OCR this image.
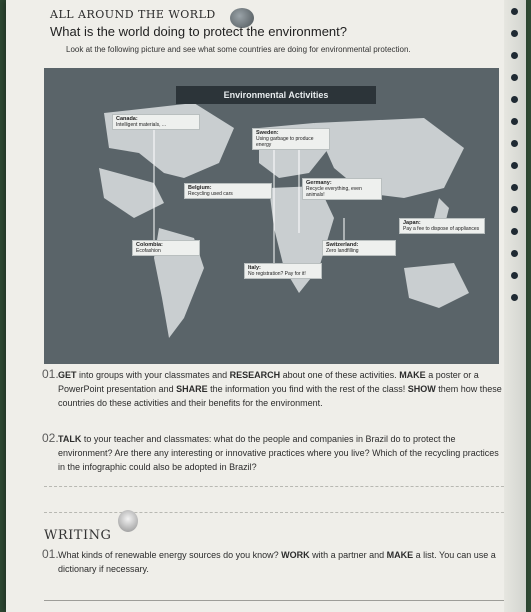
ALL AROUND THE WORLD
What is the world doing to protect the environment?
Look at the following picture and see what some countries are doing for environmental protection.
Environmental Activities
Canada:
Intelligent materials, ...
Sweden:
Using garbage to produce energy
Belgium:
Recycling used cars
Germany:
Recycle everything, even animals!
Japan:
Pay a fee to dispose of appliances
Colombia:
Ecofashion
Switzerland:
Zero landfilling
Italy:
No registration? Pay for it!
01. GET into groups with your classmates and RESEARCH about one of these activities. MAKE a poster or a PowerPoint presentation and SHARE the information you find with the rest of the class! SHOW them how these countries do these activities and their benefits for the environment.
02. TALK to your teacher and classmates: what do the people and companies in Brazil do to protect the environment? Are there any interesting or innovative practices where you live? Which of the recycling practices in the infographic could also be adopted in Brazil?
WRITING
01. What kinds of renewable energy sources do you know? WORK with a partner and MAKE a list. You can use a dictionary if necessary.
